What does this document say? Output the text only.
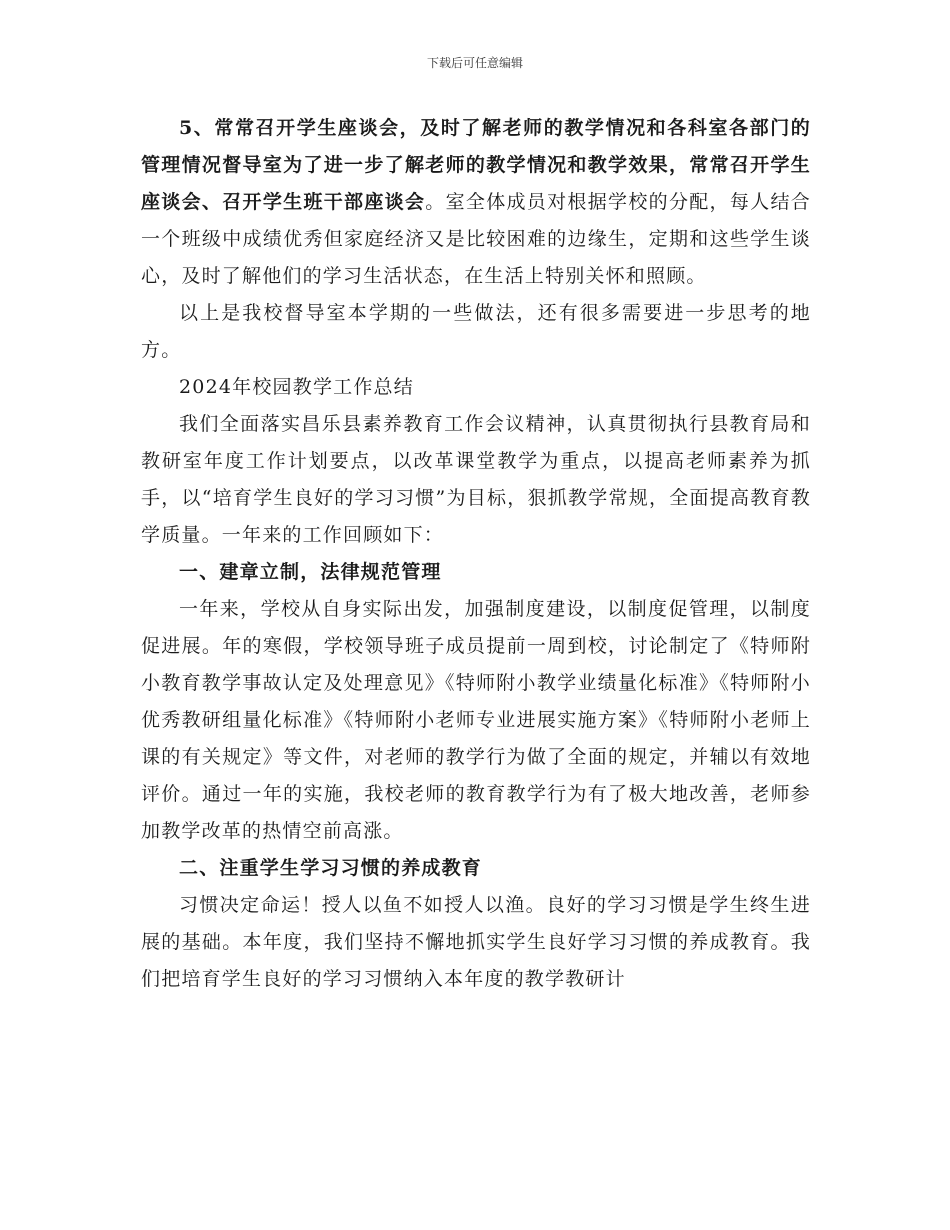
下载后可任意编辑

5、常常召开学生座谈会，及时了解老师的教学情况和各科室各部门的管理情况督导室为了进一步了解老师的教学情况和教学效果，常常召开学生座谈会、召开学生班干部座谈会。室全体成员对根据学校的分配，每人结合一个班级中成绩优秀但家庭经济又是比较困难的边缘生，定期和这些学生谈心，及时了解他们的学习生活状态，在生活上特别关怀和照顾。

以上是我校督导室本学期的一些做法，还有很多需要进一步思考的地方。

2024年校园教学工作总结

我们全面落实昌乐县素养教育工作会议精神，认真贯彻执行县教育局和教研室年度工作计划要点，以改革课堂教学为重点，以提高老师素养为抓手，以“培育学生良好的学习习惯”为目标，狠抓教学常规，全面提高教育教学质量。一年来的工作回顾如下：

一、建章立制，法律规范管理

一年来，学校从自身实际出发，加强制度建设，以制度促管理，以制度促进展。年的寒假，学校领导班子成员提前一周到校，讨论制定了《特师附小教育教学事故认定及处理意见》《特师附小教学业绩量化标准》《特师附小优秀教研组量化标准》《特师附小老师专业进展实施方案》《特师附小老师上课的有关规定》等文件，对老师的教学行为做了全面的规定，并辅以有效地评价。通过一年的实施，我校老师的教育教学行为有了极大地改善，老师参加教学改革的热情空前高涨。

二、注重学生学习习惯的养成教育

习惯决定命运！授人以鱼不如授人以渔。良好的学习习惯是学生终生进展的基础。本年度，我们坚持不懈地抓实学生良好学习习惯的养成教育。我们把培育学生良好的学习习惯纳入本年度的教学教研计
